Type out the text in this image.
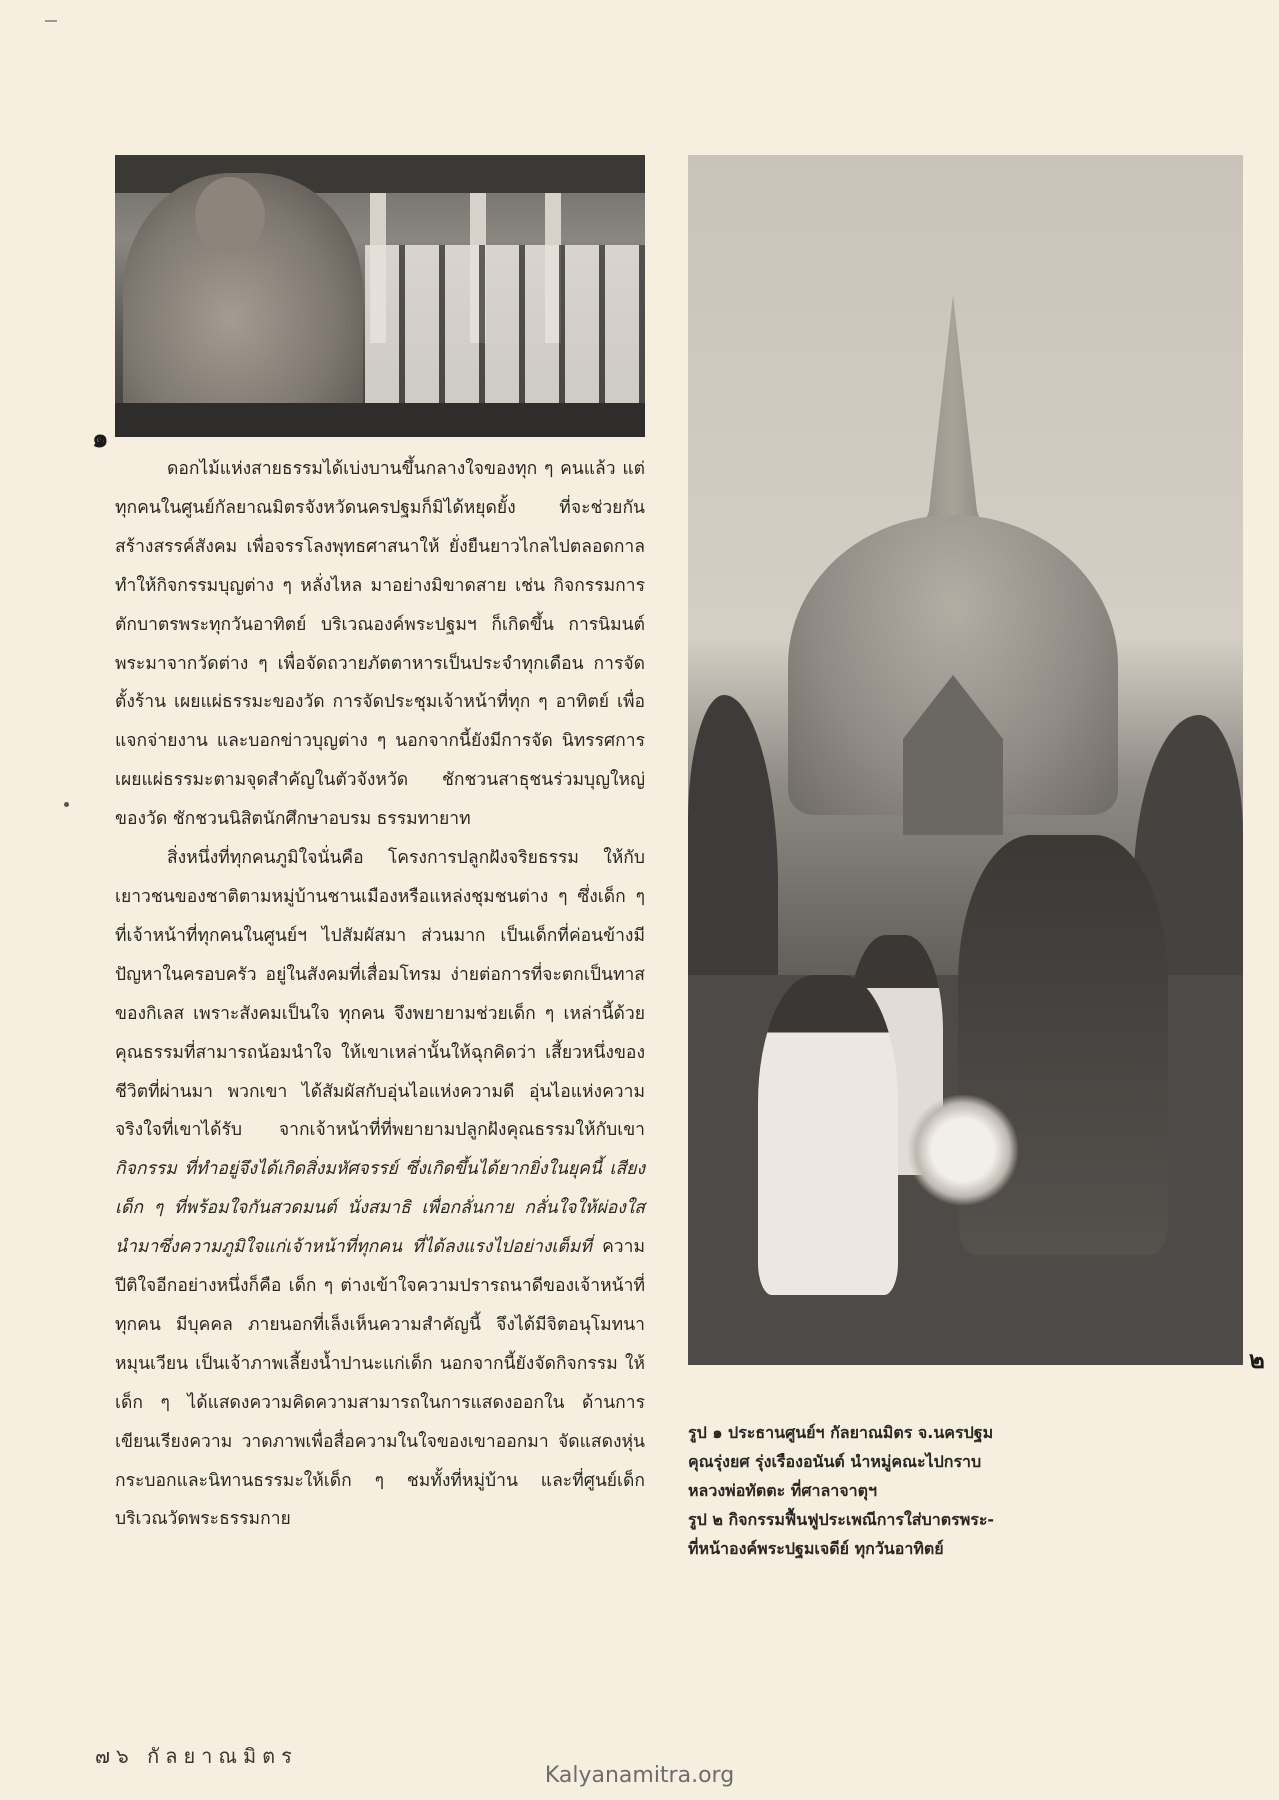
๑

ดอกไม้แห่งสายธรรมได้เบ่งบานขึ้นกลางใจของทุก ๆ คนแล้ว แต่ทุกคนในศูนย์กัลยาณมิตรจังหวัดนครปฐมก็มิได้หยุดยั้ง ที่จะช่วยกันสร้างสรรค์สังคม เพื่อจรรโลงพุทธศาสนาให้ ยั่งยืนยาวไกลไปตลอดกาล ทำให้กิจกรรมบุญต่าง ๆ หลั่งไหล มาอย่างมิขาดสาย เช่น กิจกรรมการตักบาตรพระทุกวันอาทิตย์ บริเวณองค์พระปฐมฯ ก็เกิดขึ้น การนิมนต์พระมาจากวัดต่าง ๆ เพื่อจัดถวายภัตตาหารเป็นประจำทุกเดือน การจัดตั้งร้าน เผยแผ่ธรรมะของวัด การจัดประชุมเจ้าหน้าที่ทุก ๆ อาทิตย์ เพื่อแจกจ่ายงาน และบอกข่าวบุญต่าง ๆ นอกจากนี้ยังมีการจัด นิทรรศการเผยแผ่ธรรมะตามจุดสำคัญในตัวจังหวัด ชักชวนสาธุชนร่วมบุญใหญ่ของวัด ชักชวนนิสิตนักศึกษาอบรม ธรรมทายาท

สิ่งหนึ่งที่ทุกคนภูมิใจนั่นคือ โครงการปลูกฝังจริยธรรม ให้กับเยาวชนของชาติตามหมู่บ้านชานเมืองหรือแหล่งชุมชนต่าง ๆ ซึ่งเด็ก ๆ ที่เจ้าหน้าที่ทุกคนในศูนย์ฯ ไปสัมผัสมา ส่วนมาก เป็นเด็กที่ค่อนข้างมีปัญหาในครอบครัว อยู่ในสังคมที่เสื่อมโทรม ง่ายต่อการที่จะตกเป็นทาสของกิเลส เพราะสังคมเป็นใจ ทุกคน จึงพยายามช่วยเด็ก ๆ เหล่านี้ด้วยคุณธรรมที่สามารถน้อมนำใจ ให้เขาเหล่านั้นให้ฉุกคิดว่า เสี้ยวหนึ่งของชีวิตที่ผ่านมา พวกเขา ได้สัมผัสกับอุ่นไอแห่งความดี อุ่นไอแห่งความจริงใจที่เขาได้รับ จากเจ้าหน้าที่ที่พยายามปลูกฝังคุณธรรมให้กับเขา กิจกรรม ที่ทำอยู่จึงได้เกิดสิ่งมหัศจรรย์ ซึ่งเกิดขึ้นได้ยากยิ่งในยุคนี้ เสียงเด็ก ๆ ที่พร้อมใจกันสวดมนต์ นั่งสมาธิ เพื่อกลั่นกาย กลั่นใจให้ผ่องใส นำมาซึ่งความภูมิใจแก่เจ้าหน้าที่ทุกคน ที่ได้ลงแรงไปอย่างเต็มที่ ความปีติใจอีกอย่างหนึ่งก็คือ เด็ก ๆ ต่างเข้าใจความปรารถนาดีของเจ้าหน้าที่ทุกคน มีบุคคล ภายนอกที่เล็งเห็นความสำคัญนี้ จึงได้มีจิตอนุโมทนา หมุนเวียน เป็นเจ้าภาพเลี้ยงน้ำปานะแก่เด็ก นอกจากนี้ยังจัดกิจกรรม ให้เด็ก ๆ ได้แสดงความคิดความสามารถในการแสดงออกใน ด้านการเขียนเรียงความ วาดภาพเพื่อสื่อความในใจของเขาออกมา จัดแสดงหุ่นกระบอกและนิทานธรรมะให้เด็ก ๆ ชมทั้งที่หมู่บ้าน และที่ศูนย์เด็กบริเวณวัดพระธรรมกาย

๒
รูป ๑ ประธานศูนย์ฯ กัลยาณมิตร จ.นครปฐม
คุณรุ่งยศ รุ่งเรืองอนันต์ นำหมู่คณะไปกราบ
หลวงพ่อทัตตะ ที่ศาลาจาตุฯ
รูป ๒ กิจกรรมฟื้นฟูประเพณีการใส่บาตรพระ-
ที่หน้าองค์พระปฐมเจดีย์ ทุกวันอาทิตย์
๗๖ กัลยาณมิตร
Kalyanamitra.org
